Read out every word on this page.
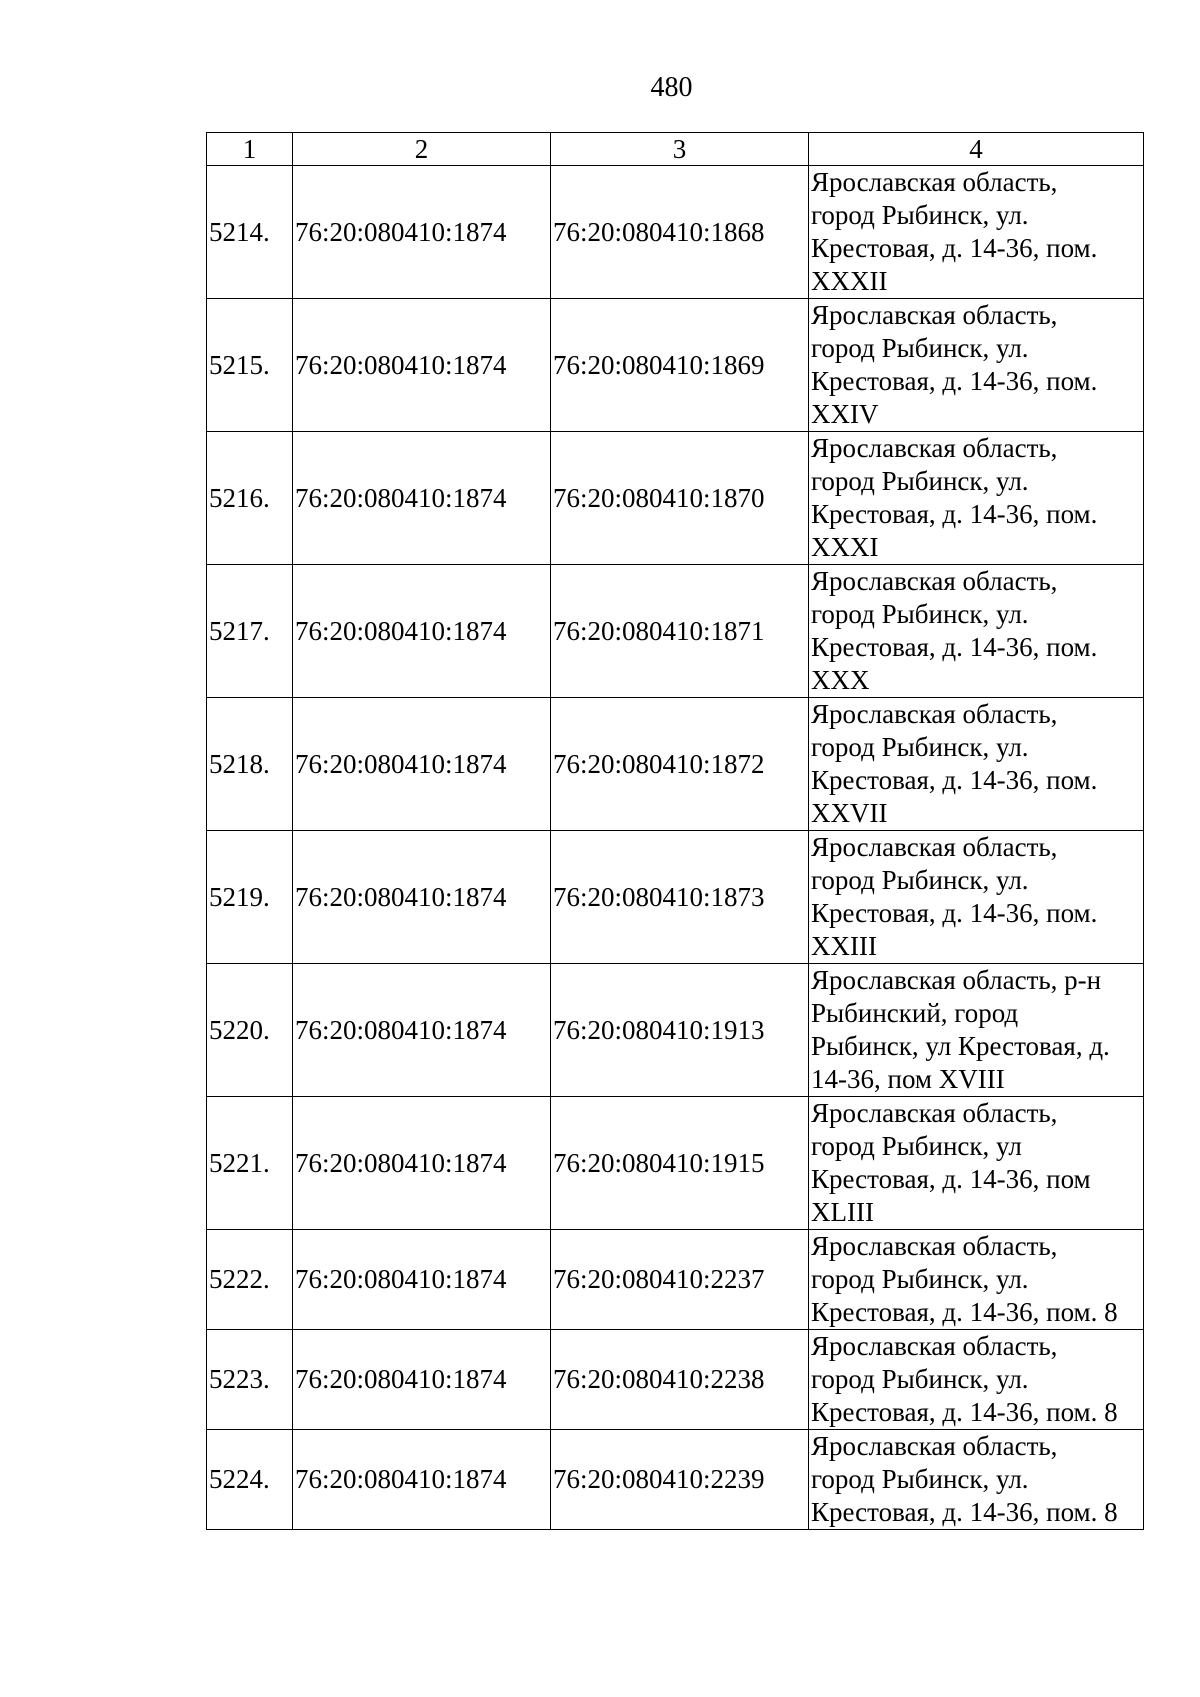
480
1	2	3	4
5214.	76:20:080410:1874	76:20:080410:1868	Ярославская область,
город Рыбинск, ул.
Крестовая, д. 14-36, пом.
XXXII

5215.	76:20:080410:1874	76:20:080410:1869	Ярославская область,
город Рыбинск, ул.
Крестовая, д. 14-36, пом.
XXIV

5216.	76:20:080410:1874	76:20:080410:1870	Ярославская область,
город Рыбинск, ул.
Крестовая, д. 14-36, пом.
XXXI

5217.	76:20:080410:1874	76:20:080410:1871	Ярославская область,
город Рыбинск, ул.
Крестовая, д. 14-36, пом.
XXX

5218.	76:20:080410:1874	76:20:080410:1872	Ярославская область,
город Рыбинск, ул.
Крестовая, д. 14-36, пом.
XXVII

5219.	76:20:080410:1874	76:20:080410:1873	Ярославская область,
город Рыбинск, ул.
Крестовая, д. 14-36, пом.
XXIII

5220.	76:20:080410:1874	76:20:080410:1913	Ярославская область, р-н
Рыбинский, город
Рыбинск, ул Крестовая, д.
14-36, пом XVIII

5221.	76:20:080410:1874	76:20:080410:1915	Ярославская область,
город Рыбинск, ул
Крестовая, д. 14-36, пом
XLIII

5222.	76:20:080410:1874	76:20:080410:2237	Ярославская область,
город Рыбинск, ул.
Крестовая, д. 14-36, пом. 8

5223.	76:20:080410:1874	76:20:080410:2238	Ярославская область,
город Рыбинск, ул.
Крестовая, д. 14-36, пом. 8

5224.	76:20:080410:1874	76:20:080410:2239	Ярославская область,
город Рыбинск, ул.
Крестовая, д. 14-36, пом. 8
